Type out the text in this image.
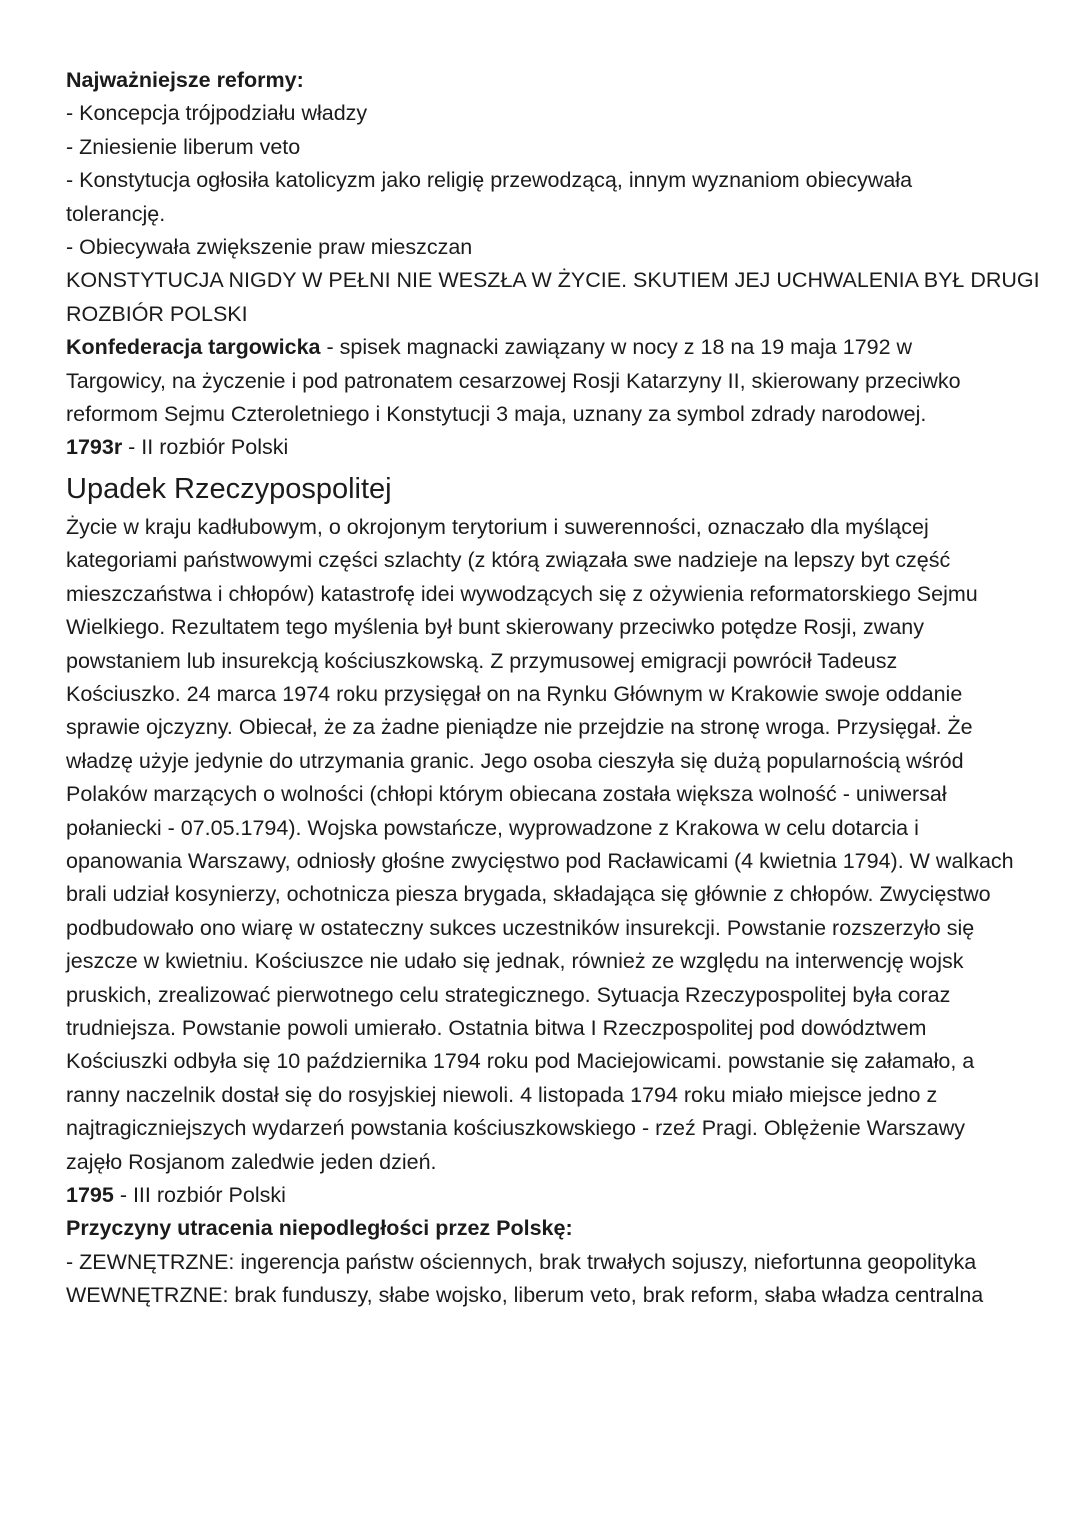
Najważniejsze reformy:
- Koncepcja trójpodziału władzy
- Zniesienie liberum veto
- Konstytucja ogłosiła katolicyzm jako religię przewodzącą, innym wyznaniom obiecywała tolerancję.
- Obiecywała zwiększenie praw mieszczan
KONSTYTUCJA NIGDY W PEŁNI NIE WESZŁA W ŻYCIE. SKUTIEM JEJ UCHWALENIA BYŁ DRUGI
ROZBIÓR POLSKI
Konfederacja targowicka - spisek magnacki zawiązany w nocy z 18 na 19 maja 1792 w Targowicy, na życzenie i pod patronatem cesarzowej Rosji Katarzyny II, skierowany przeciwko reformom Sejmu Czteroletniego i Konstytucji 3 maja, uznany za symbol zdrady narodowej.
1793r - II rozbiór Polski
Upadek Rzeczypospolitej
Życie w kraju kadłubowym, o okrojonym terytorium i suwerenności, oznaczało dla myślącej kategoriami państwowymi części szlachty (z którą związała swe nadzieje na lepszy byt część mieszczaństwa i chłopów) katastrofę idei wywodzących się z ożywienia reformatorskiego Sejmu Wielkiego. Rezultatem tego myślenia był bunt skierowany przeciwko potędze Rosji, zwany powstaniem lub insurekcją kościuszkowską. Z przymusowej emigracji powrócił Tadeusz Kościuszko. 24 marca 1974 roku przysięgał on na Rynku Głównym w Krakowie swoje oddanie sprawie ojczyzny. Obiecał, że za żadne pieniądze nie przejdzie na stronę wroga. Przysięgał. Że władzę użyje jedynie do utrzymania granic. Jego osoba cieszyła się dużą popularnością wśród Polaków marzących o wolności (chłopi którym obiecana została większa wolność - uniwersał połaniecki - 07.05.1794). Wojska powstańcze, wyprowadzone z Krakowa w celu dotarcia i opanowania Warszawy, odniosły głośne zwycięstwo pod Racławicami (4 kwietnia 1794). W walkach brali udział kosynierzy, ochotnicza piesza brygada, składająca się głównie z chłopów. Zwycięstwo podbudowało ono wiarę w ostateczny sukces uczestników insurekcji. Powstanie rozszerzyło się jeszcze w kwietniu. Kościuszce nie udało się jednak, również ze względu na interwencję wojsk pruskich, zrealizować pierwotnego celu strategicznego. Sytuacja Rzeczypospolitej była coraz trudniejsza. Powstanie powoli umierało. Ostatnia bitwa I Rzeczpospolitej pod dowództwem Kościuszki odbyła się 10 października 1794 roku pod Maciejowicami. powstanie się załamało, a ranny naczelnik dostał się do rosyjskiej niewoli. 4 listopada 1794 roku miało miejsce jedno z najtragiczniejszych wydarzeń powstania kościuszkowskiego - rzeź Pragi. Oblężenie Warszawy zajęło Rosjanom zaledwie jeden dzień.
1795 - III rozbiór Polski
Przyczyny utracenia niepodległości przez Polskę:
- ZEWNĘTRZNE: ingerencja państw ościennych, brak trwałych sojuszy, niefortunna geopolityka WEWNĘTRZNE: brak funduszy, słabe wojsko, liberum veto, brak reform, słaba władza centralna
